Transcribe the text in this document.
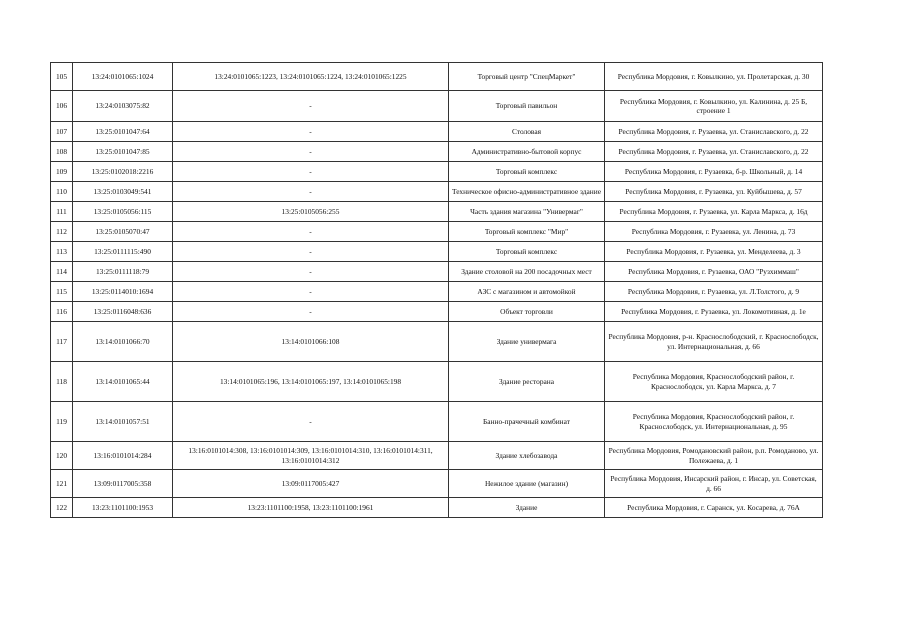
105	13:24:0101065:1024	13:24:0101065:1223, 13:24:0101065:1224, 13:24:0101065:1225	Торговый центр "СпецМаркет"	Республика Мордовия, г. Ковылкино, ул. Пролетарская, д. 30
106	13:24:0103075:82	-	Торговый павильон	Республика Мордовия, г. Ковылкино, ул. Калинина, д. 25 Б, строение 1
107	13:25:0101047:64	-	Столовая	Республика Мордовия, г. Рузаевка, ул. Станиславского, д. 22
108	13:25:0101047:85	-	Административно-бытовой корпус	Республика Мордовия, г. Рузаевка, ул. Станиславского, д. 22
109	13:25:0102018:2216	-	Торговый комплекс	Республика Мордовия, г. Рузаевка, б-р. Школьный, д. 14
110	13:25:0103049:541	-	Техническое офисно-административное здание	Республика Мордовия, г. Рузаевка, ул. Куйбышева, д. 57
111	13:25:0105056:115	13:25:0105056:255	Часть здания магазина "Универмаг"	Республика Мордовия, г. Рузаевка, ул. Карла Маркса, д. 16д
112	13:25:0105070:47	-	Торговый комплекс "Мир"	Республика Мордовия, г. Рузаевка, ул. Ленина, д. 73
113	13:25:0111115:490	-	Торговый комплекс	Республика Мордовия, г. Рузаевка, ул. Менделеева, д. 3
114	13:25:0111118:79	-	Здание столовой на 200 посадочных мест	Республика Мордовия, г. Рузаевка, ОАО "Рузхиммаш"
115	13:25:0114010:1694	-	АЗС с магазином и автомойкой	Республика Мордовия, г. Рузаевка, ул. Л.Толстого, д. 9
116	13:25:0116048:636	-	Объект торговли	Республика Мордовия, г. Рузаевка, ул. Локомотивная, д. 1е
117	13:14:0101066:70	13:14:0101066:108	Здание универмага	Республика Мордовия, р-н. Краснослободский, г. Краснослободск, ул. Интернациональная, д. 66
118	13:14:0101065:44	13:14:0101065:196, 13:14:0101065:197, 13:14:0101065:198	Здание ресторана	Республика Мордовия, Краснослободский район, г. Краснослободск, ул. Карла Маркса, д. 7
119	13:14:0101057:51	-	Банно-прачечный комбинат	Республика Мордовия, Краснослободский район, г. Краснослободск, ул. Интернациональная, д. 95
120	13:16:0101014:284	13:16:0101014:308, 13:16:0101014:309, 13:16:0101014:310, 13:16:0101014:311, 13:16:0101014:312	Здание хлебозавода	Республика Мордовия, Ромодановский район, р.п. Ромоданово, ул. Полежаева, д. 1
121	13:09:0117005:358	13:09:0117005:427	Нежилое здание (магазин)	Республика Мордовия, Инсарский район, г. Инсар, ул. Советская, д. 66
122	13:23:1101100:1953	13:23:1101100:1958, 13:23:1101100:1961	Здание	Республика Мордовия, г. Саранск, ул. Косарева, д. 76А
